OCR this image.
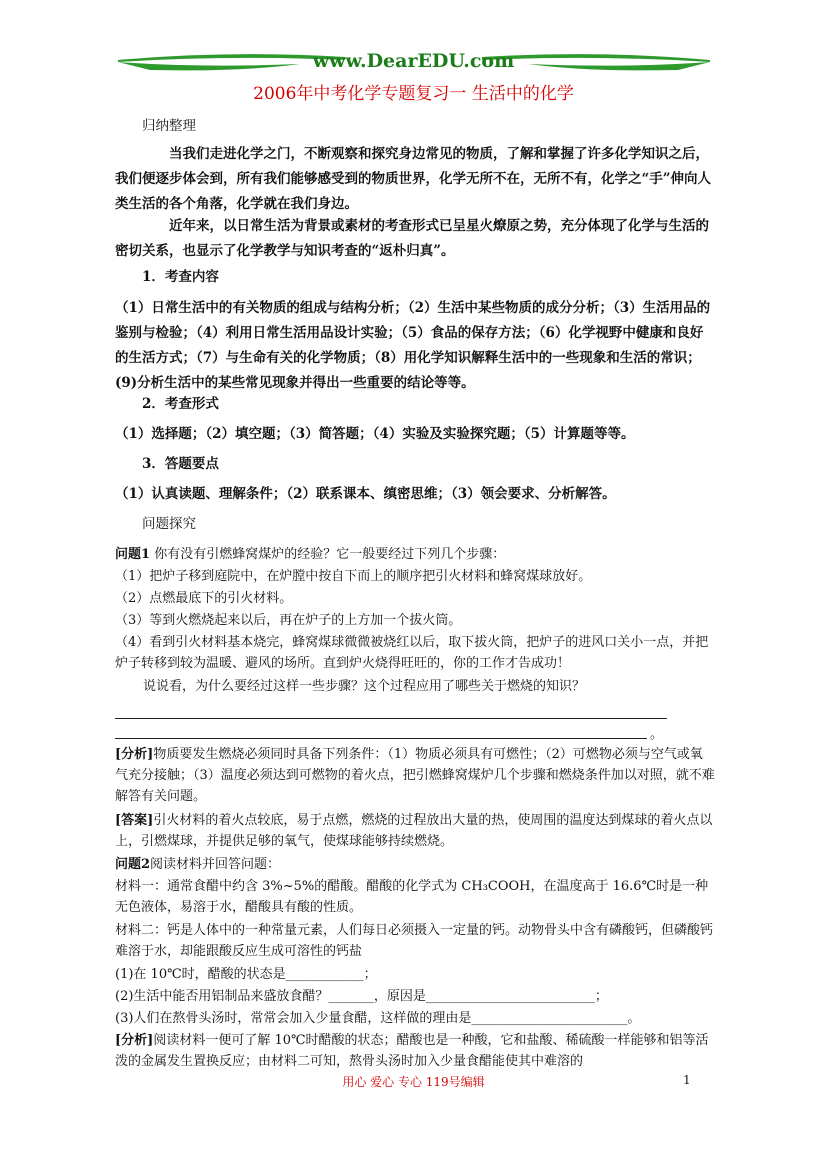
www.DearEDU.com
2006年中考化学专题复习一 生活中的化学

归纳整理

当我们走进化学之门，不断观察和探究身边常见的物质，了解和掌握了许多化学知识之后，我们便逐步体会到，所有我们能够感受到的物质世界，化学无所不在，无所不有，化学之“手”伸向人类生活的各个角落，化学就在我们身边。

近年来，以日常生活为背景或素材的考查形式已呈星火燎原之势，充分体现了化学与生活的密切关系，也显示了化学教学与知识考查的“返朴归真”。

1．考查内容

（1）日常生活中的有关物质的组成与结构分析；（2）生活中某些物质的成分分析；（3）生活用品的鉴别与检验；（4）利用日常生活用品设计实验；（5）食品的保存方法；（6）化学视野中健康和良好的生活方式；（7）与生命有关的化学物质；（8）用化学知识解释生活中的一些现象和生活的常识；(9)分析生活中的某些常见现象并得出一些重要的结论等等。

2．考查形式

（1）选择题；（2）填空题；（3）简答题；（4）实验及实验探究题；（5）计算题等等。

3．答题要点

（1）认真读题、理解条件；（2）联系课本、缜密思维；（3）领会要求、分析解答。

问题探究

问题1 你有没有引燃蜂窝煤炉的经验？它一般要经过下列几个步骤：

（1）把炉子移到庭院中，在炉膛中按自下而上的顺序把引火材料和蜂窝煤球放好。

（2）点燃最底下的引火材料。

（3）等到火燃烧起来以后，再在炉子的上方加一个拔火筒。

（4）看到引火材料基本烧完，蜂窝煤球微微被烧红以后，取下拔火筒，把炉子的进风口关小一点，并把炉子转移到较为温暖、避风的场所。直到炉火烧得旺旺的，你的工作才告成功！

说说看，为什么要经过这样一些步骤？这个过程应用了哪些关于燃烧的知识？

。

[分析]物质要发生燃烧必须同时具备下列条件：（1）物质必须具有可燃性；（2）可燃物必须与空气或氧气充分接触；（3）温度必须达到可燃物的着火点，把引燃蜂窝煤炉几个步骤和燃烧条件加以对照，就不难解答有关问题。

[答案]引火材料的着火点较底，易于点燃，燃烧的过程放出大量的热，使周围的温度达到煤球的着火点以上，引燃煤球，并提供足够的氧气，使煤球能够持续燃烧。

问题2阅读材料并回答问题：

材料一：通常食醋中约含 3%~5%的醋酸。醋酸的化学式为 CH₃COOH，在温度高于 16.6℃时是一种无色液体，易溶于水，醋酸具有酸的性质。

材料二：钙是人体中的一种常量元素，人们每日必须摄入一定量的钙。动物骨头中含有磷酸钙，但磷酸钙难溶于水，却能跟酸反应生成可溶性的钙盐

(1)在 10℃时，醋酸的状态是____________；

(2)生活中能否用铝制品来盛放食醋？_______，原因是__________________________；

(3)人们在熬骨头汤时，常常会加入少量食醋，这样做的理由是________________________。

[分析]阅读材料一便可了解 10℃时醋酸的状态；醋酸也是一种酸，它和盐酸、稀硫酸一样能够和铝等活泼的金属发生置换反应；由材料二可知，熬骨头汤时加入少量食醋能使其中难溶的

用心 爱心 专心 119号编辑	1
